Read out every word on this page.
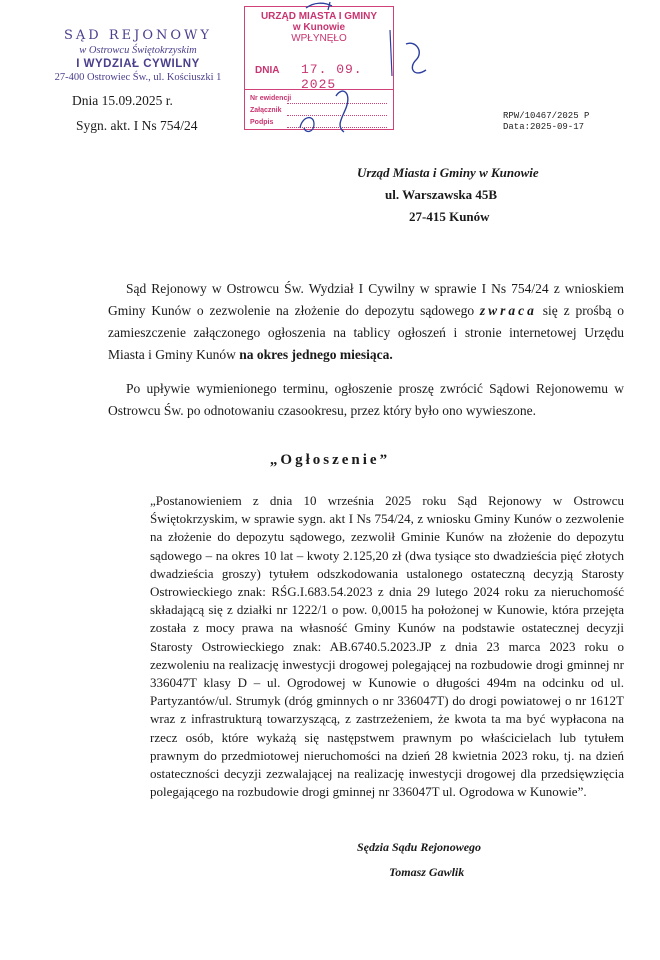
SĄD REJONOWY
w Ostrowcu Świętokrzyskim
I WYDZIAŁ CYWILNY
27-400 Ostrowiec Św., ul. Kościuszki 1
Dnia 15.09.2025 r.
Sygn. akt. I Ns 754/24
URZĄD MIASTA I GMINY
w Kunowie
WPŁYNĘŁO
DNIA 17. 09. 2025
Nr ewidencji
Załącznik
Podpis
RPW/10467/2025 P
Data:2025-09-17
Urząd Miasta i Gminy w Kunowie
ul. Warszawska 45B
27-415 Kunów

Sąd Rejonowy w Ostrowcu Św. Wydział I Cywilny w sprawie I Ns 754/24 z wnioskiem Gminy Kunów o zezwolenie na złożenie do depozytu sądowego zwraca się z prośbą o zamieszczenie załączonego ogłoszenia na tablicy ogłoszeń i stronie internetowej Urzędu Miasta i Gminy Kunów na okres jednego miesiąca.

Po upływie wymienionego terminu, ogłoszenie proszę zwrócić Sądowi Rejonowemu w Ostrowcu Św. po odnotowaniu czasookresu, przez który było ono wywieszone.

„Ogłoszenie”

„Postanowieniem z dnia 10 września 2025 roku Sąd Rejonowy w Ostrowcu Świętokrzyskim, w sprawie sygn. akt I Ns 754/24, z wniosku Gminy Kunów o zezwolenie na złożenie do depozytu sądowego, zezwolił Gminie Kunów na złożenie do depozytu sądowego – na okres 10 lat – kwoty 2.125,20 zł (dwa tysiące sto dwadzieścia pięć złotych dwadzieścia groszy) tytułem odszkodowania ustalonego ostateczną decyzją Starosty Ostrowieckiego znak: RŚG.I.683.54.2023 z dnia 29 lutego 2024 roku za nieruchomość składającą się z działki nr 1222/1 o pow. 0,0015 ha położonej w Kunowie, która przejęta została z mocy prawa na własność Gminy Kunów na podstawie ostatecznej decyzji Starosty Ostrowieckiego znak: AB.6740.5.2023.JP z dnia 23 marca 2023 roku o zezwoleniu na realizację inwestycji drogowej polegającej na rozbudowie drogi gminnej nr 336047T klasy D – ul. Ogrodowej w Kunowie o długości 494m na odcinku od ul. Partyzantów/ul. Strumyk (dróg gminnych o nr 336047T) do drogi powiatowej o nr 1612T wraz z infrastrukturą towarzyszącą, z zastrzeżeniem, że kwota ta ma być wypłacona na rzecz osób, które wykażą się następstwem prawnym po właścicielach lub tytułem prawnym do przedmiotowej nieruchomości na dzień 28 kwietnia 2023 roku, tj. na dzień ostateczności decyzji zezwalającej na realizację inwestycji drogowej dla przedsięwzięcia polegającego na rozbudowie drogi gminnej nr 336047T ul. Ogrodowa w Kunowie”.

Sędzia Sądu Rejonowego
Tomasz Gawlik
